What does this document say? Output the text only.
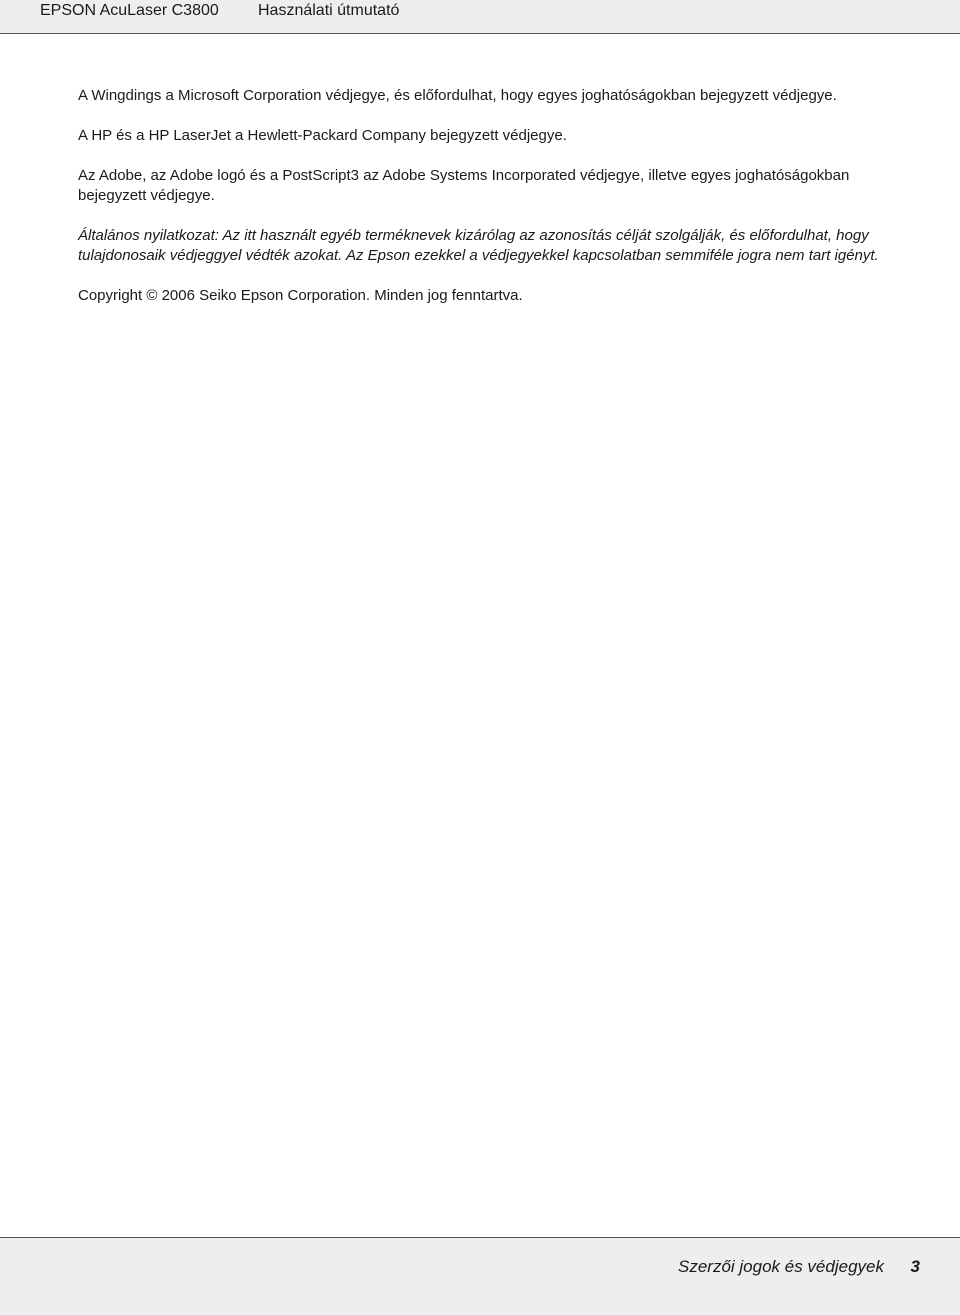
EPSON AcuLaser C3800 Használati útmutató

A Wingdings a Microsoft Corporation védjegye, és előfordulhat, hogy egyes joghatóságokban bejegyzett védjegye.

A HP és a HP LaserJet a Hewlett-Packard Company bejegyzett védjegye.

Az Adobe, az Adobe logó és a PostScript3 az Adobe Systems Incorporated védjegye, illetve egyes joghatóságokban bejegyzett védjegye.

Általános nyilatkozat: Az itt használt egyéb terméknevek kizárólag az azonosítás célját szolgálják, és előfordulhat, hogy tulajdonosaik védjeggyel védték azokat. Az Epson ezekkel a védjegyekkel kapcsolatban semmiféle jogra nem tart igényt.

Copyright © 2006 Seiko Epson Corporation. Minden jog fenntartva.

Szerzői jogok és védjegyek 3
